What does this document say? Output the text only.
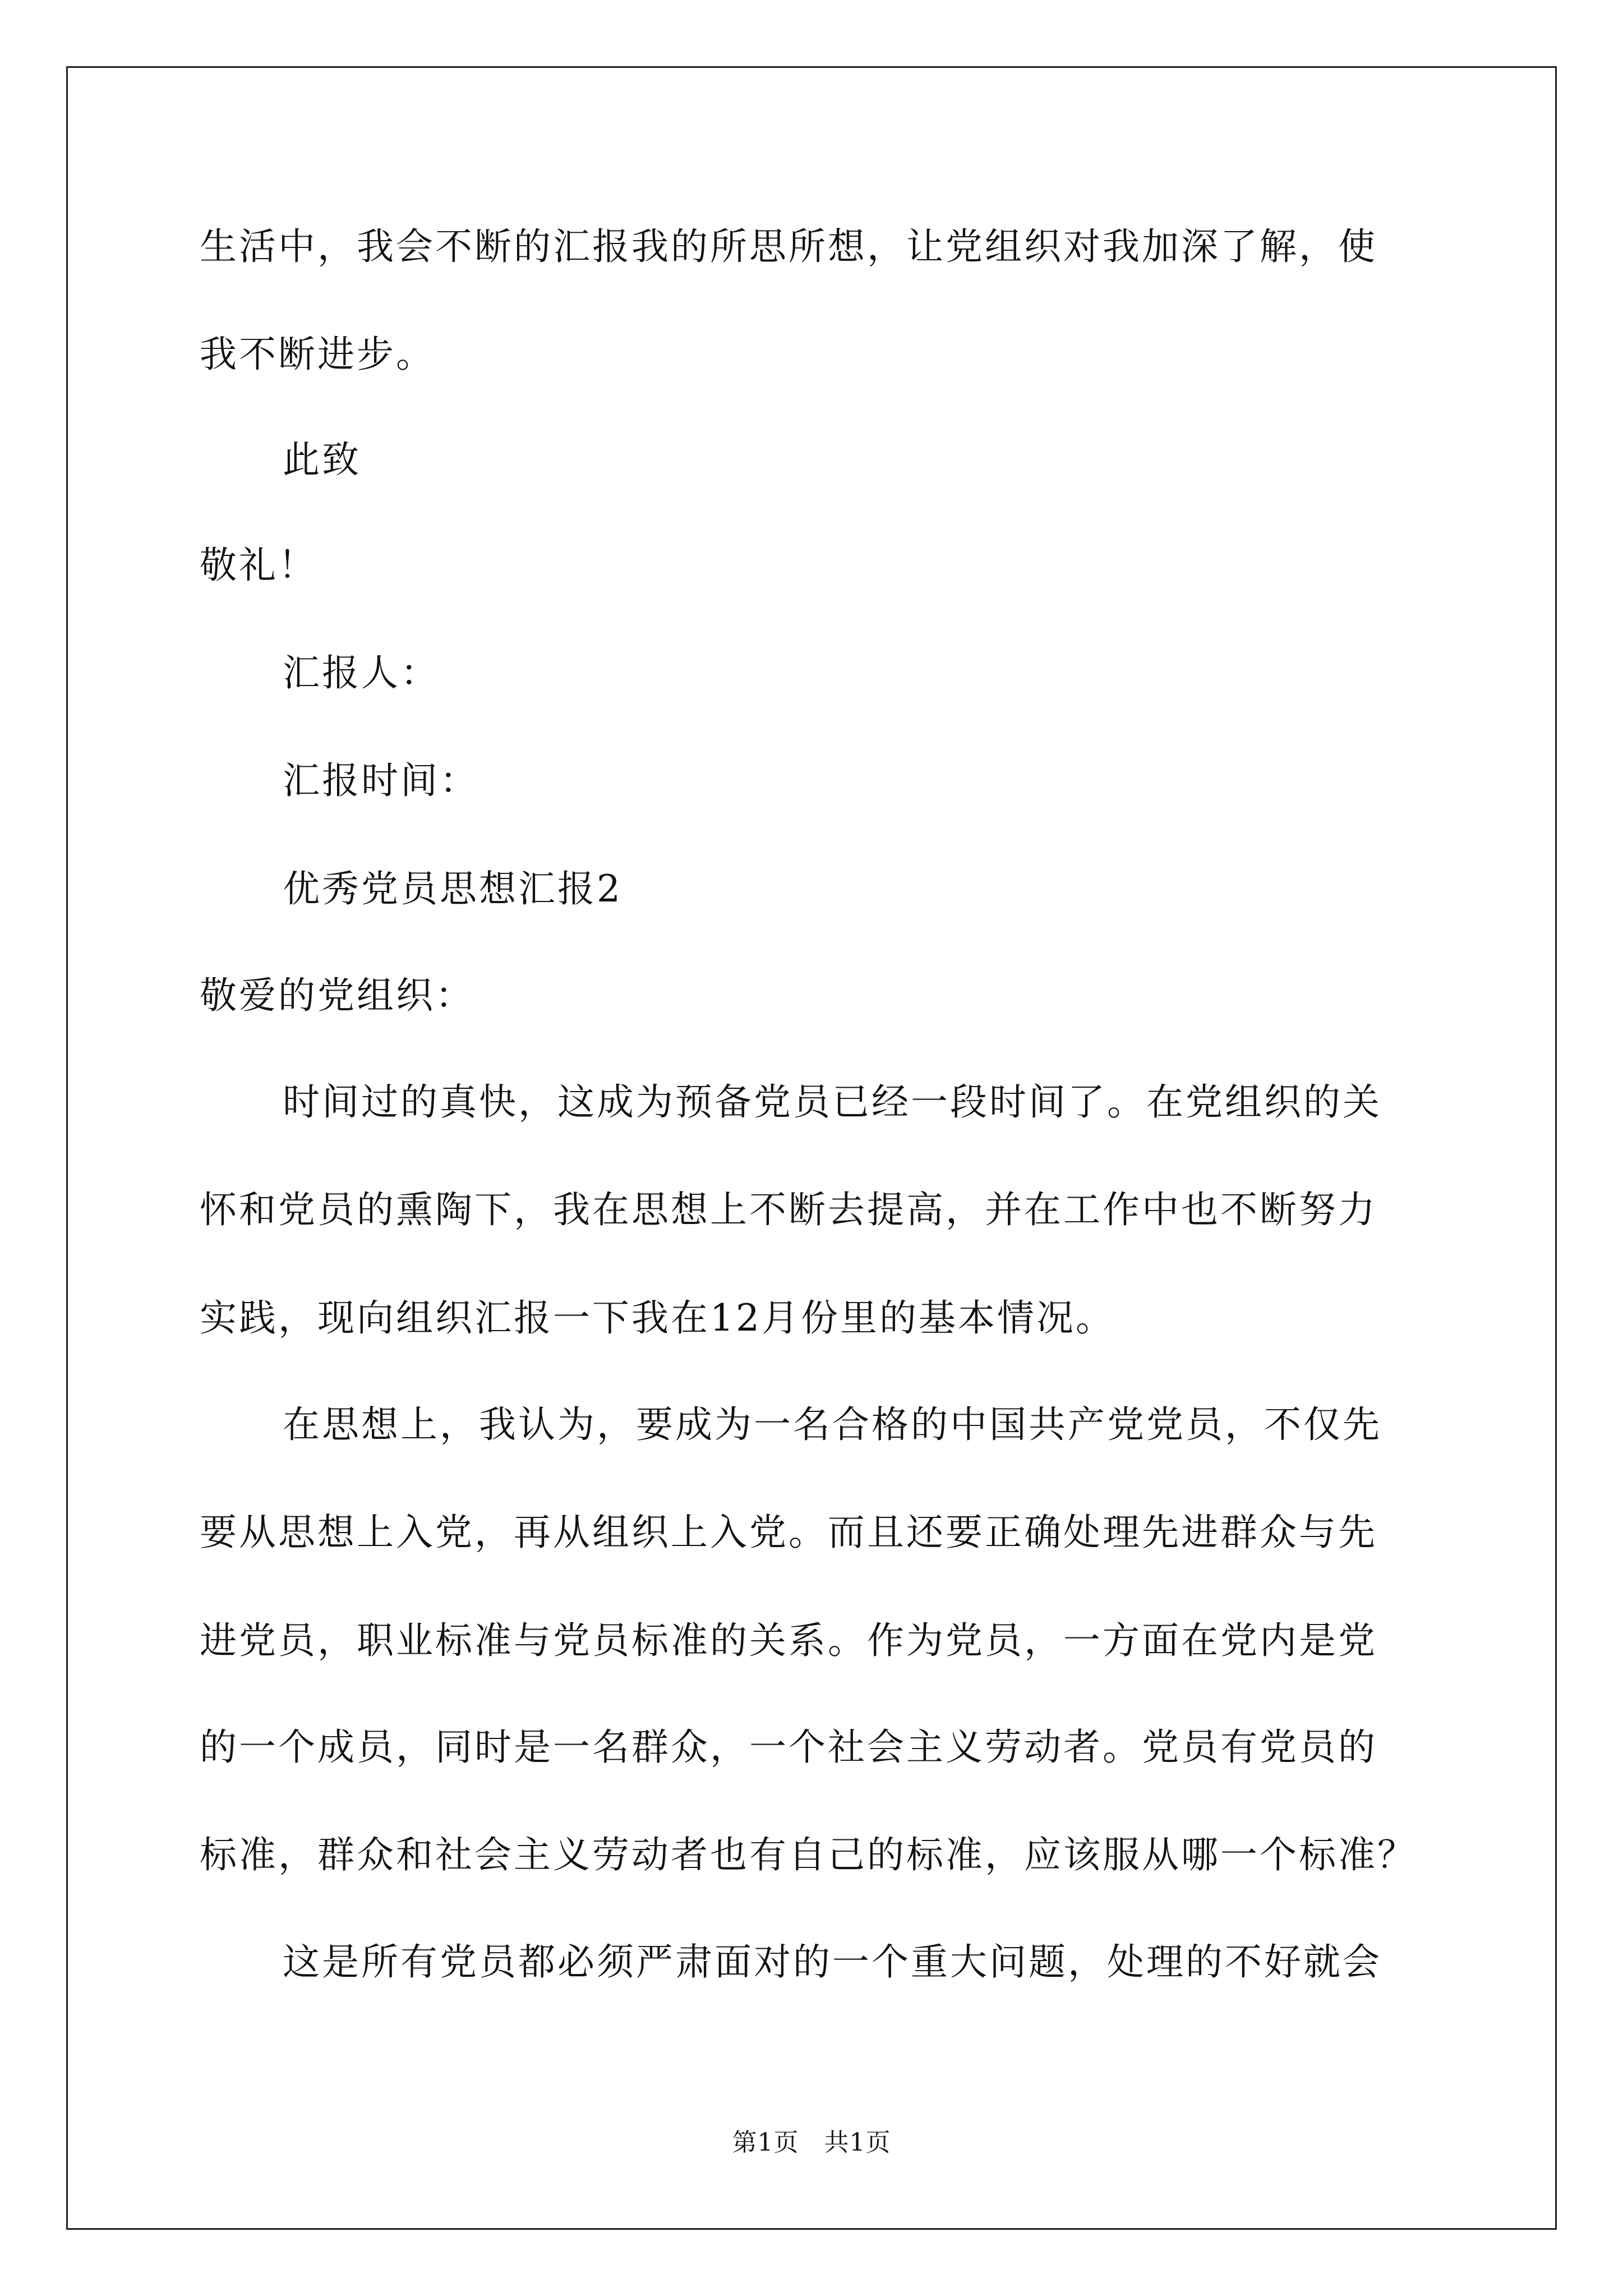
生活中，我会不断的汇报我的所思所想，让党组织对我加深了解，使
我不断进步。
此致
敬礼！
汇报人：
汇报时间：
优秀党员思想汇报2
敬爱的党组织：
时间过的真快，这成为预备党员已经一段时间了。在党组织的关
怀和党员的熏陶下，我在思想上不断去提高，并在工作中也不断努力
实践，现向组织汇报一下我在12月份里的基本情况。
在思想上，我认为，要成为一名合格的中国共产党党员，不仅先
要从思想上入党，再从组织上入党。而且还要正确处理先进群众与先
进党员，职业标准与党员标准的关系。作为党员，一方面在党内是党
的一个成员，同时是一名群众，一个社会主义劳动者。党员有党员的
标准，群众和社会主义劳动者也有自己的标准，应该服从哪一个标准？
这是所有党员都必须严肃面对的一个重大问题，处理的不好就会
第1页　共1页
